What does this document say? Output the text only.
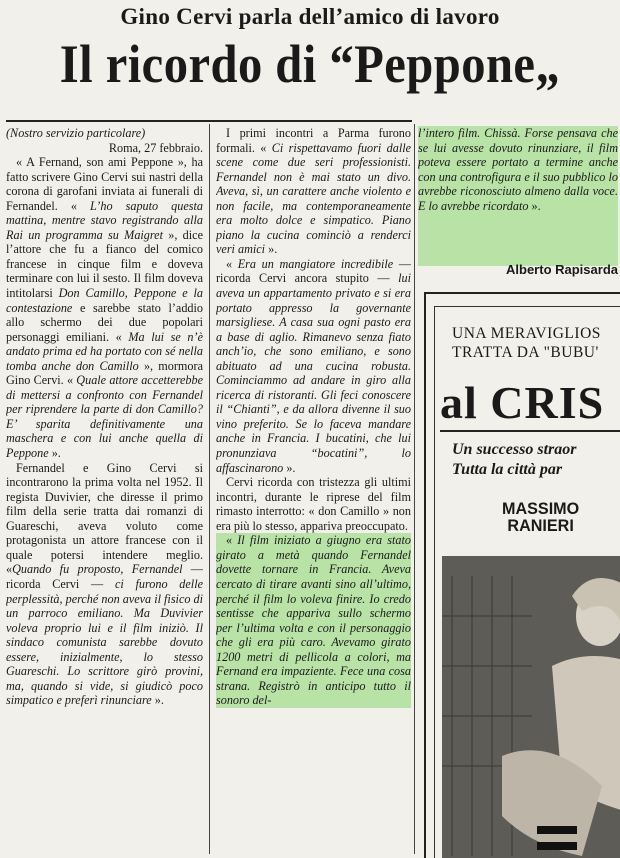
Gino Cervi parla dell’amico di lavoro
Il ricordo di “Peppone„

(Nostro servizio particolare)

Roma, 27 febbraio.

« A Fernand, son ami Peppone », ha fatto scrivere Gino Cervi sui nastri della corona di garofani inviata ai funerali di Fernandel. « L’ho saputo questa mattina, mentre stavo registrando alla Rai un programma su Maigret », dice l’attore che fu a fianco del comico francese in cinque film e doveva terminare con lui il sesto. Il film doveva intitolarsi Don Camillo, Peppone e la contestazione e sarebbe stato l’addio allo schermo dei due popolari personaggi emiliani. « Ma lui se n’è andato prima ed ha portato con sé nella tomba anche don Camillo », mormora Gino Cervi. « Quale attore accetterebbe di mettersi a confronto con Fernandel per riprendere la parte di don Camillo? E’ sparita definitivamente una maschera e con lui anche quella di Peppone ».

Fernandel e Gino Cervi si incontrarono la prima volta nel 1952. Il regista Duvivier, che diresse il primo film della serie tratta dai romanzi di Guareschi, aveva voluto come protagonista un attore francese con il quale potersi intendere meglio. «Quando fu proposto, Fernandel — ricorda Cervi — ci furono delle perplessità, perché non aveva il fisico di un parroco emiliano. Ma Duvivier voleva proprio lui e il film iniziò. Il sindaco comunista sarebbe dovuto essere, inizialmente, lo stesso Guareschi. Lo scrittore girò provini, ma, quando si vide, si giudicò poco simpatico e preferì rinunciare ».

I primi incontri a Parma furono formali. « Ci rispettavamo fuori dalle scene come due seri professionisti. Fernandel non è mai stato un divo. Aveva, sì, un carattere anche violento e non facile, ma contemporaneamente era molto dolce e simpatico. Piano piano la cucina cominciò a renderci veri amici ».

« Era un mangiatore incredibile — ricorda Cervi ancora stupito — lui aveva un appartamento privato e si era portato appresso la governante marsigliese. A casa sua ogni pasto era a base di aglio. Rimanevo senza fiato anch’io, che sono emiliano, e sono abituato ad una cucina robusta. Cominciammo ad andare in giro alla ricerca di ristoranti. Gli feci conoscere il “Chianti”, e da allora divenne il suo vino preferito. Se lo faceva mandare anche in Francia. I bucatini, che lui pronunziava “bocatini”, lo affascinarono ».

Cervi ricorda con tristezza gli ultimi incontri, durante le riprese del film rimasto interrotto: « don Camillo » non era più lo stesso, appariva preoccupato.

« Il film iniziato a giugno era stato girato a metà quando Fernandel dovette tornare in Francia. Aveva cercato di tirare avanti sino all’ultimo, perché il film lo voleva finire. Io credo sentisse che appariva sullo schermo per l’ultima volta e con il personaggio che gli era più caro. Avevamo girato 1200 metri di pellicola a colori, ma Fernand era impaziente. Fece una cosa strana. Registrò in anticipo tutto il sonoro del-

l’intero film. Chissà. Forse pensava che se lui avesse dovuto rinunziare, il film poteva essere portato a termine anche con una controfigura e il suo pubblico lo avrebbe riconosciuto almeno dalla voce. E lo avrebbe ricordato ».

Alberto Rapisarda
UNA MERAVIGLIOS
TRATTA DA "BUBU'
al CRIS
Un successo straor
Tutta la città par
MASSIMO
RANIERI
